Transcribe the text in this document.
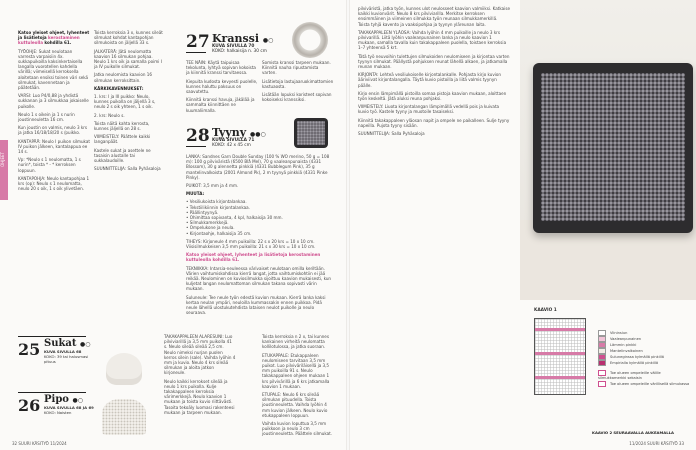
OHJEET

Katso yleiset ohjeet, lyhenteet ja lisätietoja kerostaminen kuttuleolla kohdilla 61.

TYÖOHJE: Sukat neulotaan varresta varpaisiin 4x. sukkapuikoilla kaksinkertaisella langalla vuorotellen kahdella värillä; viimeisellä kerroksella aloitetaan ensiksi toinen väri sekä silmukat, kavennetaan ja päätetään.

VARSI: Luo P4/0,88 ja yhdistä sukkanan ja 3 silmukkaa jokaiselle puikolle.

Neulo 1 s oikein ja 1 s nurin joustinneuletta 16 cm.

Kun joustin on valmis, neulo 3 krs ja jatka 16/18/18/20 s /puikko.

KANTAPÄÄ: Neulo I puikon silmukat IV puikon jälkeen, kantalappua ee 14 s.

Vp: *Neulo s 1 neulomatta, 1 s nurin*, toista * - * kerroksen loppuun.

KANTAPOHJA: Neulo kantapohjaa 1 krs (op): Neulo s 1 neulomatta, neulo 20 s oik, 1 s oik ylivetäen.

Toista kerroksia 3 x, kunnes sileät silmukat kohdat kantapohjan silmukoista on jäljellä 33 s.

JALKATERÄ: Jätä neulomatta kaavion 16 silmukan pohjaa. Neulo 1 krs oik ja samalla poimi I ja IV puikolle silmukat.

Jatka neulomista kaavion 16 silmukan kerroksittain.

KÄRKIKAVENNUKSET:

1. krs: I ja III puikko: Neulo, kunnes puikolla on jäljellä 3 s, neulo 2 s oik yhteen, 1 s oik.

2. krs: Neulo s.

Toista näitä kahta kerrosta, kunnes jäljellä on 28 s.

VIIMEISTELY: Päättele kaikki langanpäät.

Kastele sukat ja asettele ne tasaisin alustalle tai sukkalaudoille.

SUUNNITTELIJA: Salla Pyhäsaloja

27 Kranssi ●○
KUVA SIVULLA 70
KOKO: halkaisija n. 30 cm

TEE NÄIN: Käytä taipuisaa tekolunta, lyhtyä sopivan kokoista ja kiinnitä kranssi tarvitaessa.

Kiepuita kudosta kevyesti puolelle, kunnes haluttu paksuus on saavutettu.

Kiinnitä kranssi havuja, jäkälää ja sammalta kiinnittäen ne kuumaliimalla.

Somista kranssi tarpeen mukaan. Kiinnitä nauha ripustamista varten.

Lisätietoja lastujaaruokimattomien kastuaosta.

Lisätään lopuksi koristeet sopivan kokoiseksi kranssiksi.

28 Tyyny ●●○
KUVA SIVULLA 71
KOKO: 42 x 45 cm

LANKA: Sandnes Garn Double Sunday (100 % WO merino, 50 g = 108 m): 100 g pilviväristä (6500 Blå Mel), 70 g vaaleanpunaista (4331 Blossom), 30 g alennetta pinkkiä (4331 Bubblegum Pink), 35 g mantelinvalkoista (2001 Almond Pk), 2 m tyynyä pinkkiä (4331 Pinke Pinky).

PUIKOT: 3,5 mm ja 4 mm.

MUUTA:

• Vesiliukoista kirjontalankaa.
• Tekstiilikiinnin kirjontalankaa.
• Päällintyynyä.
• Ohimittaa sopivanta, 4 kpl, halkaisija 30 mm.
• Silmukkamerkkejä.
• Ompelukone ja neula.
• Kirjontaohje, halkaisija 35 cm.

TIHEYS: Kirjoneule 4 mm puikoilla: 22 s x 20 krs = 10 x 10 cm. Viisisilmukkeisen 3,5 mm puikoilla: 21 s x 30 krs = 10 x 10 cm.

Katso yleiset ohjeet, lyhenteet ja lisätietoja kerostaminen kuttuleolla kohdilla 61.

TEKNIIKKA: Intarsia-neuleessa värivaiset neulotaan omilla keriltään. Värien vaihtumiskohdissa kierrä langat, jotta vaihtumiskohtiin ei jää reikää. Neulominen on kuviosilmukka sijoittuu kaavion mukaisesti, kun kuljetat langan neulomattoman silmukan takana sopivasti värin mukaan.

Suluneule: Tee neule työn edestä kuvion mukaan. Kierrä lanka kaksi kertaa neulan ympäri, neuloilla kummassakin ennen puikkoa. Pidä neule lähellä ulostukutehdista lataisen neulot puikolle ja neulo seuraava.

25 Sukat ●○
KUVA SIVULLA 68
KOKO: 39 tai halusmasi pituus
26 Pipo ●○
KUVA SIVULLA 68 JA 69
KOKO: Naisten

TAKAKAPPALEEN ALARESUNI: Luo pilviviarillä ja 3,5 mm puikolla 41 s. Neulo sileää sileää 2,5 cm. Neulo nimeksi nurjan puolen kerros silein (sale). Vaihda lyöhin 4 mm ja kuvio. Neulo 4 krs sileää silmukan ja aloita jatkon kirjoneule.

Neulo kaikki kerrokset sileää ja neulo 1 krs puikolla. Kulje takakappaleen kerroksia värimerkkejä. Neulo kaavion 1 mukaan ja toista kuvio riittävästi. Tasoita tekoäly luomasi rakenteesi mukaan ja tarpeen mukaan.

Toista kerroksia n 2 x, tai kunnes kankainen virheitä neulomatta kollilotulossa, ja jatka suoraan.

ETUKAPPALE: Etukappaleen neulomiseen tarvitaan 3,5 mm puikot. Luo pilviväriläisellä ja 3,5 mm puikoilla 91 s. Neulo takakappaleen ohjeen mukaan 1 krs pilvivärillä ja 6 krs jatkamalla kaavion 1 mukaan.

ETUPALE: Neulo 6 krs sileää silmukan pituudella. Toista joustinneuletta. Vaihda lyöhin 4 mm kuvion jälkeen. Neulo kuvio etukappaleen loppuun.

Vaihda kuvion loputtua 3,5 mm puikkoon ja neulo 3 cm joustinneuletta. Päättele silmukat.

32 SUURI KÄSITYÖ 11/2024

pilviväristä, jatka työn, kunnes ulot neulosseet kaavion valmiiksi. Katkaise kaikki kuvionvärit. Neulo 8 krs pilviviarilla. Merkitse kerroksen ensimmäinen ja viimeinen silmukka työn reunaan silmukkamerkillä. Toista tyhjä kavento ja vaaksipohjaa ja tyynyn yläreunan laita.

TAKAKAPPALEEN YLÄOSA: Vaihda lyöhin 4 mm puikoille ja neulo 3 krs pilvivarillä. Liitä lyöhin vaaleanpunainen lanka ja neulo kaavion 1 mukaan, samalla tavalla kuin takakappaleen puolella, toistaen kerroksia 1–7 yhteensä 5 krt.

Tätä työ neuvoihin tulettujen silmukoiden neulomiseen ja kirjontaa varten tyynyn silmukat. Päällystä pohjuksen reunat lähellä alkaen, ja jatkamalla reunan mukaan.

KIRJONTA: Lehteä vesiliukoiselle kirjontalankalle. Pohjasta kirjo kuvion ääriviivat kirjontalangalla. Täytä kuvio pistoilla ja liitä valmis tyynyn päälle.

Kirjo ensin lämpimällä pistoilla somaa pistoja kaavion mukaan, aloittaen työn keskeltä. Jätä aluksi reuna pohjaksi.

VIIMEISTELY: Liuota kirjontalangan lämpimällä vedellä pois ja kuivata kuvio työ. Kastele tyyny ja muotoile tasaiseksi.

Kiinnitä takakappaleen yläosan napit ja ompele ne paikalleen. Sulje tyyny napeilla. Pujota tyyny sisään.

SUUNNITTELIJA: Salla Pyhäsaloja

KAAVIO 1
Viininsiun
Vaaleanpunainen
Lämmin pinkki
Mantelinvalkoinen
Suluneginssa kylmällä pinkillä
Empirialla kylmällä pinkillä
Toe olueen ompeleille välille silmukkamerkki sekaisin
Toe olueen ompeleille värillisellä silmukassa
KAAVIO 2 SEURAAVALLA AUKEAMALLA
11/2024 SUURI KÄSITYÖ 33
